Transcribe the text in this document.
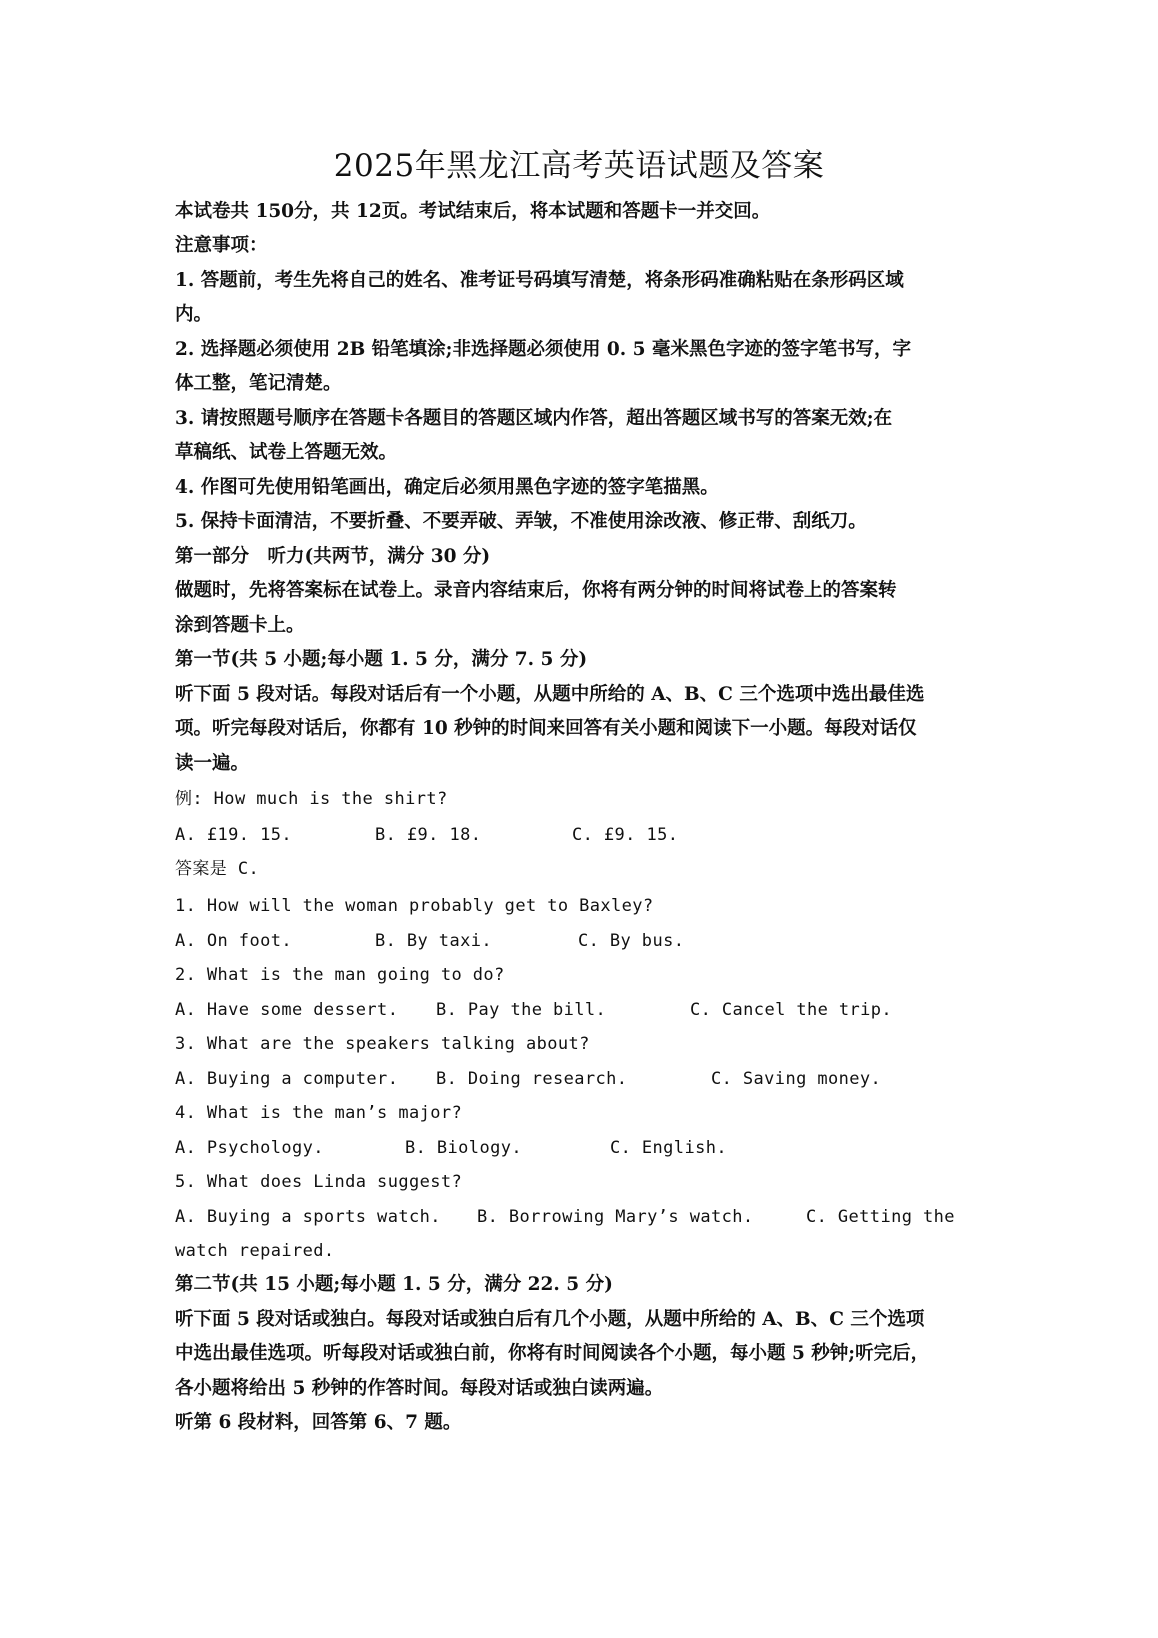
2025年黑龙江高考英语试题及答案
本试卷共 150分，共 12页。考试结束后，将本试题和答题卡一并交回。
注意事项：
1. 答题前，考生先将自己的姓名、准考证号码填写清楚，将条形码准确粘贴在条形码区域
内。
2. 选择题必须使用 2B 铅笔填涂;非选择题必须使用 0. 5 毫米黑色字迹的签字笔书写，字
体工整，笔记清楚。
3. 请按照题号顺序在答题卡各题目的答题区域内作答，超出答题区域书写的答案无效;在
草稿纸、试卷上答题无效。
4. 作图可先使用铅笔画出，确定后必须用黑色字迹的签字笔描黑。
5. 保持卡面清洁，不要折叠、不要弄破、弄皱，不准使用涂改液、修正带、刮纸刀。
第一部分　听力(共两节，满分 30 分)
做题时，先将答案标在试卷上。录音内容结束后，你将有两分钟的时间将试卷上的答案转
涂到答题卡上。
第一节(共 5 小题;每小题 1. 5 分，满分 7. 5 分)
听下面 5 段对话。每段对话后有一个小题，从题中所给的 A、B、C 三个选项中选出最佳选
项。听完每段对话后，你都有 10 秒钟的时间来回答有关小题和阅读下一小题。每段对话仅
读一遍。
例: How much is the shirt?
A. £19. 15.	B. £9. 18.	C. £9. 15.
答案是 C.
1. How will the woman probably get to Baxley?
A. On foot.	B. By taxi.	C. By bus.
2. What is the man going to do?
A. Have some dessert. B. Pay the bill.	C. Cancel the trip.
3. What are the speakers talking about?
A. Buying a computer. B. Doing research.	C. Saving money.
4. What is the man’s major?
A. Psychology.	B. Biology.	C. English.
5. What does Linda suggest?
A. Buying a sports watch. B. Borrowing Mary’s watch.	C. Getting the
watch repaired.
第二节(共 15 小题;每小题 1. 5 分，满分 22. 5 分)
听下面 5 段对话或独白。每段对话或独白后有几个小题，从题中所给的 A、B、C 三个选项
中选出最佳选项。听每段对话或独白前，你将有时间阅读各个小题，每小题 5 秒钟;听完后，
各小题将给出 5 秒钟的作答时间。每段对话或独白读两遍。
听第 6 段材料，回答第 6、7 题。
